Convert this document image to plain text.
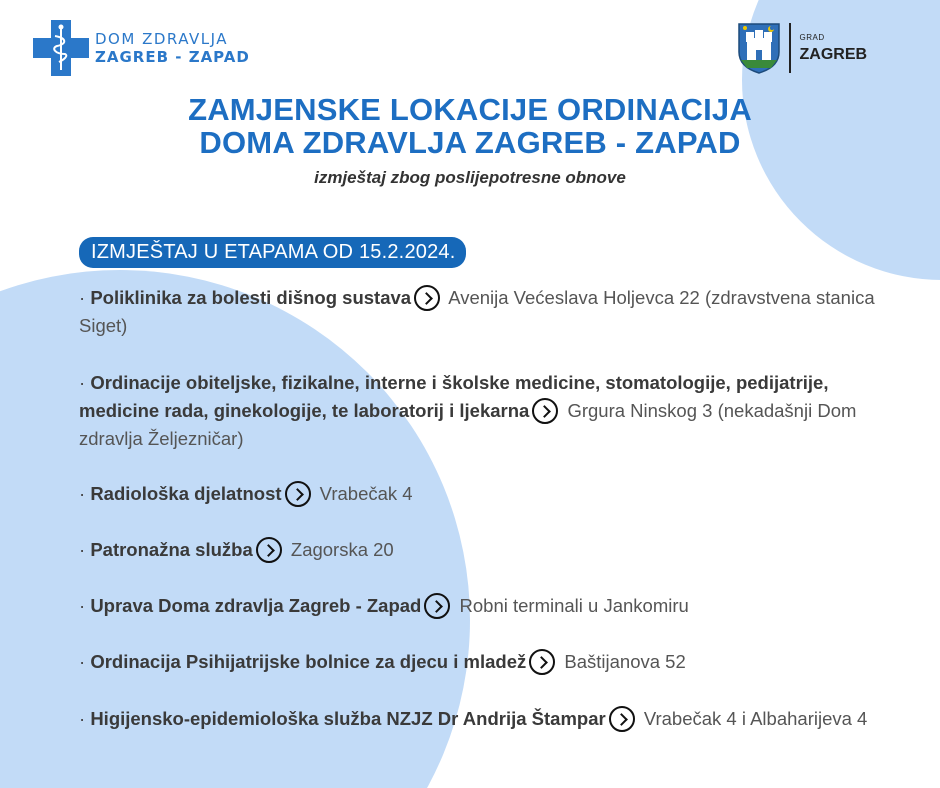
DOM ZDRAVLJA
ZAGREB - ZAPAD
GRAD
ZAGREB
ZAMJENSKE LOKACIJE ORDINACIJA
DOMA ZDRAVLJA ZAGREB - ZAPAD
izmještaj zbog poslijepotresne obnove
IZMJEŠTAJ U ETAPAMA OD 15.2.2024.
· Poliklinika za bolesti dišnog sustava Avenija Većeslava Holjevca 22 (zdravstvena stanica Siget)
· Ordinacije obiteljske, fizikalne, interne i školske medicine, stomatologije, pedijatrije, medicine rada, ginekologije, te laboratorij i ljekarna Grgura Ninskog 3 (nekadašnji Dom zdravlja Željezničar)
· Radiološka djelatnost Vrabečak 4
· Patronažna služba Zagorska 20
· Uprava Doma zdravlja Zagreb - Zapad Robni terminali u Jankomiru
· Ordinacija Psihijatrijske bolnice za djecu i mladež Baštijanova 52
· Higijensko-epidemiološka služba NZJZ Dr Andrija Štampar Vrabečak 4 i Albaharijeva 4
